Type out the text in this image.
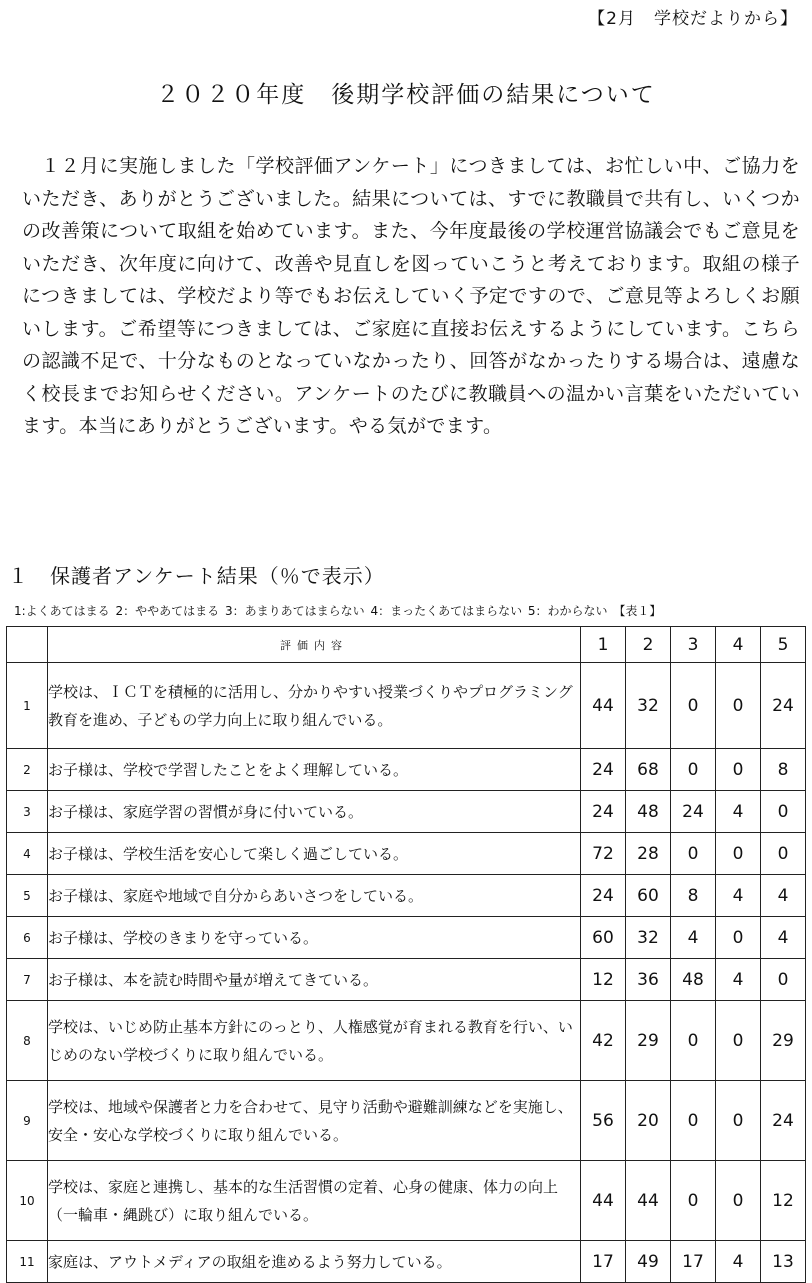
【2月　学校だよりから】
２０２０年度　後期学校評価の結果について

１２月に実施しました「学校評価アンケート」につきましては、お忙しい中、ご協力をいただき、ありがとうございました。結果については、すでに教職員で共有し、いくつかの改善策について取組を始めています。また、今年度最後の学校運営協議会でもご意見をいただき、次年度に向けて、改善や見直しを図っていこうと考えております。取組の様子につきましては、学校だより等でもお伝えしていく予定ですので、ご意見等よろしくお願いします。ご希望等につきましては、ご家庭に直接お伝えするようにしています。こちらの認識不足で、十分なものとなっていなかったり、回答がなかったりする場合は、遠慮なく校長までお知らせください。アンケートのたびに教職員への温かい言葉をいただいています。本当にありがとうございます。やる気がでます。

１　保護者アンケート結果（％で表示）
1:よくあてはまる 2：ややあてはまる 3：あまりあてはまらない 4：まったくあてはまらない 5：わからない 【表１】
	評価内容	1	2	3	4	5
1	学校は、ＩＣＴを積極的に活用し、分かりやすい授業づくりやプログラミング教育を進め、子どもの学力向上に取り組んでいる。	44	32	0	0	24
2	お子様は、学校で学習したことをよく理解している。	24	68	0	0	8
3	お子様は、家庭学習の習慣が身に付いている。	24	48	24	4	0
4	お子様は、学校生活を安心して楽しく過ごしている。	72	28	0	0	0
5	お子様は、家庭や地域で自分からあいさつをしている。	24	60	8	4	4
6	お子様は、学校のきまりを守っている。	60	32	4	0	4
7	お子様は、本を読む時間や量が増えてきている。	12	36	48	4	0
8	学校は、いじめ防止基本方針にのっとり、人権感覚が育まれる教育を行い、いじめのない学校づくりに取り組んでいる。	42	29	0	0	29
9	学校は、地域や保護者と力を合わせて、見守り活動や避難訓練などを実施し、安全・安心な学校づくりに取り組んでいる。	56	20	0	0	24
10	学校は、家庭と連携し、基本的な生活習慣の定着、心身の健康、体力の向上（一輪車・縄跳び）に取り組んでいる。	44	44	0	0	12
11	家庭は、アウトメディアの取組を進めるよう努力している。	17	49	17	4	13
